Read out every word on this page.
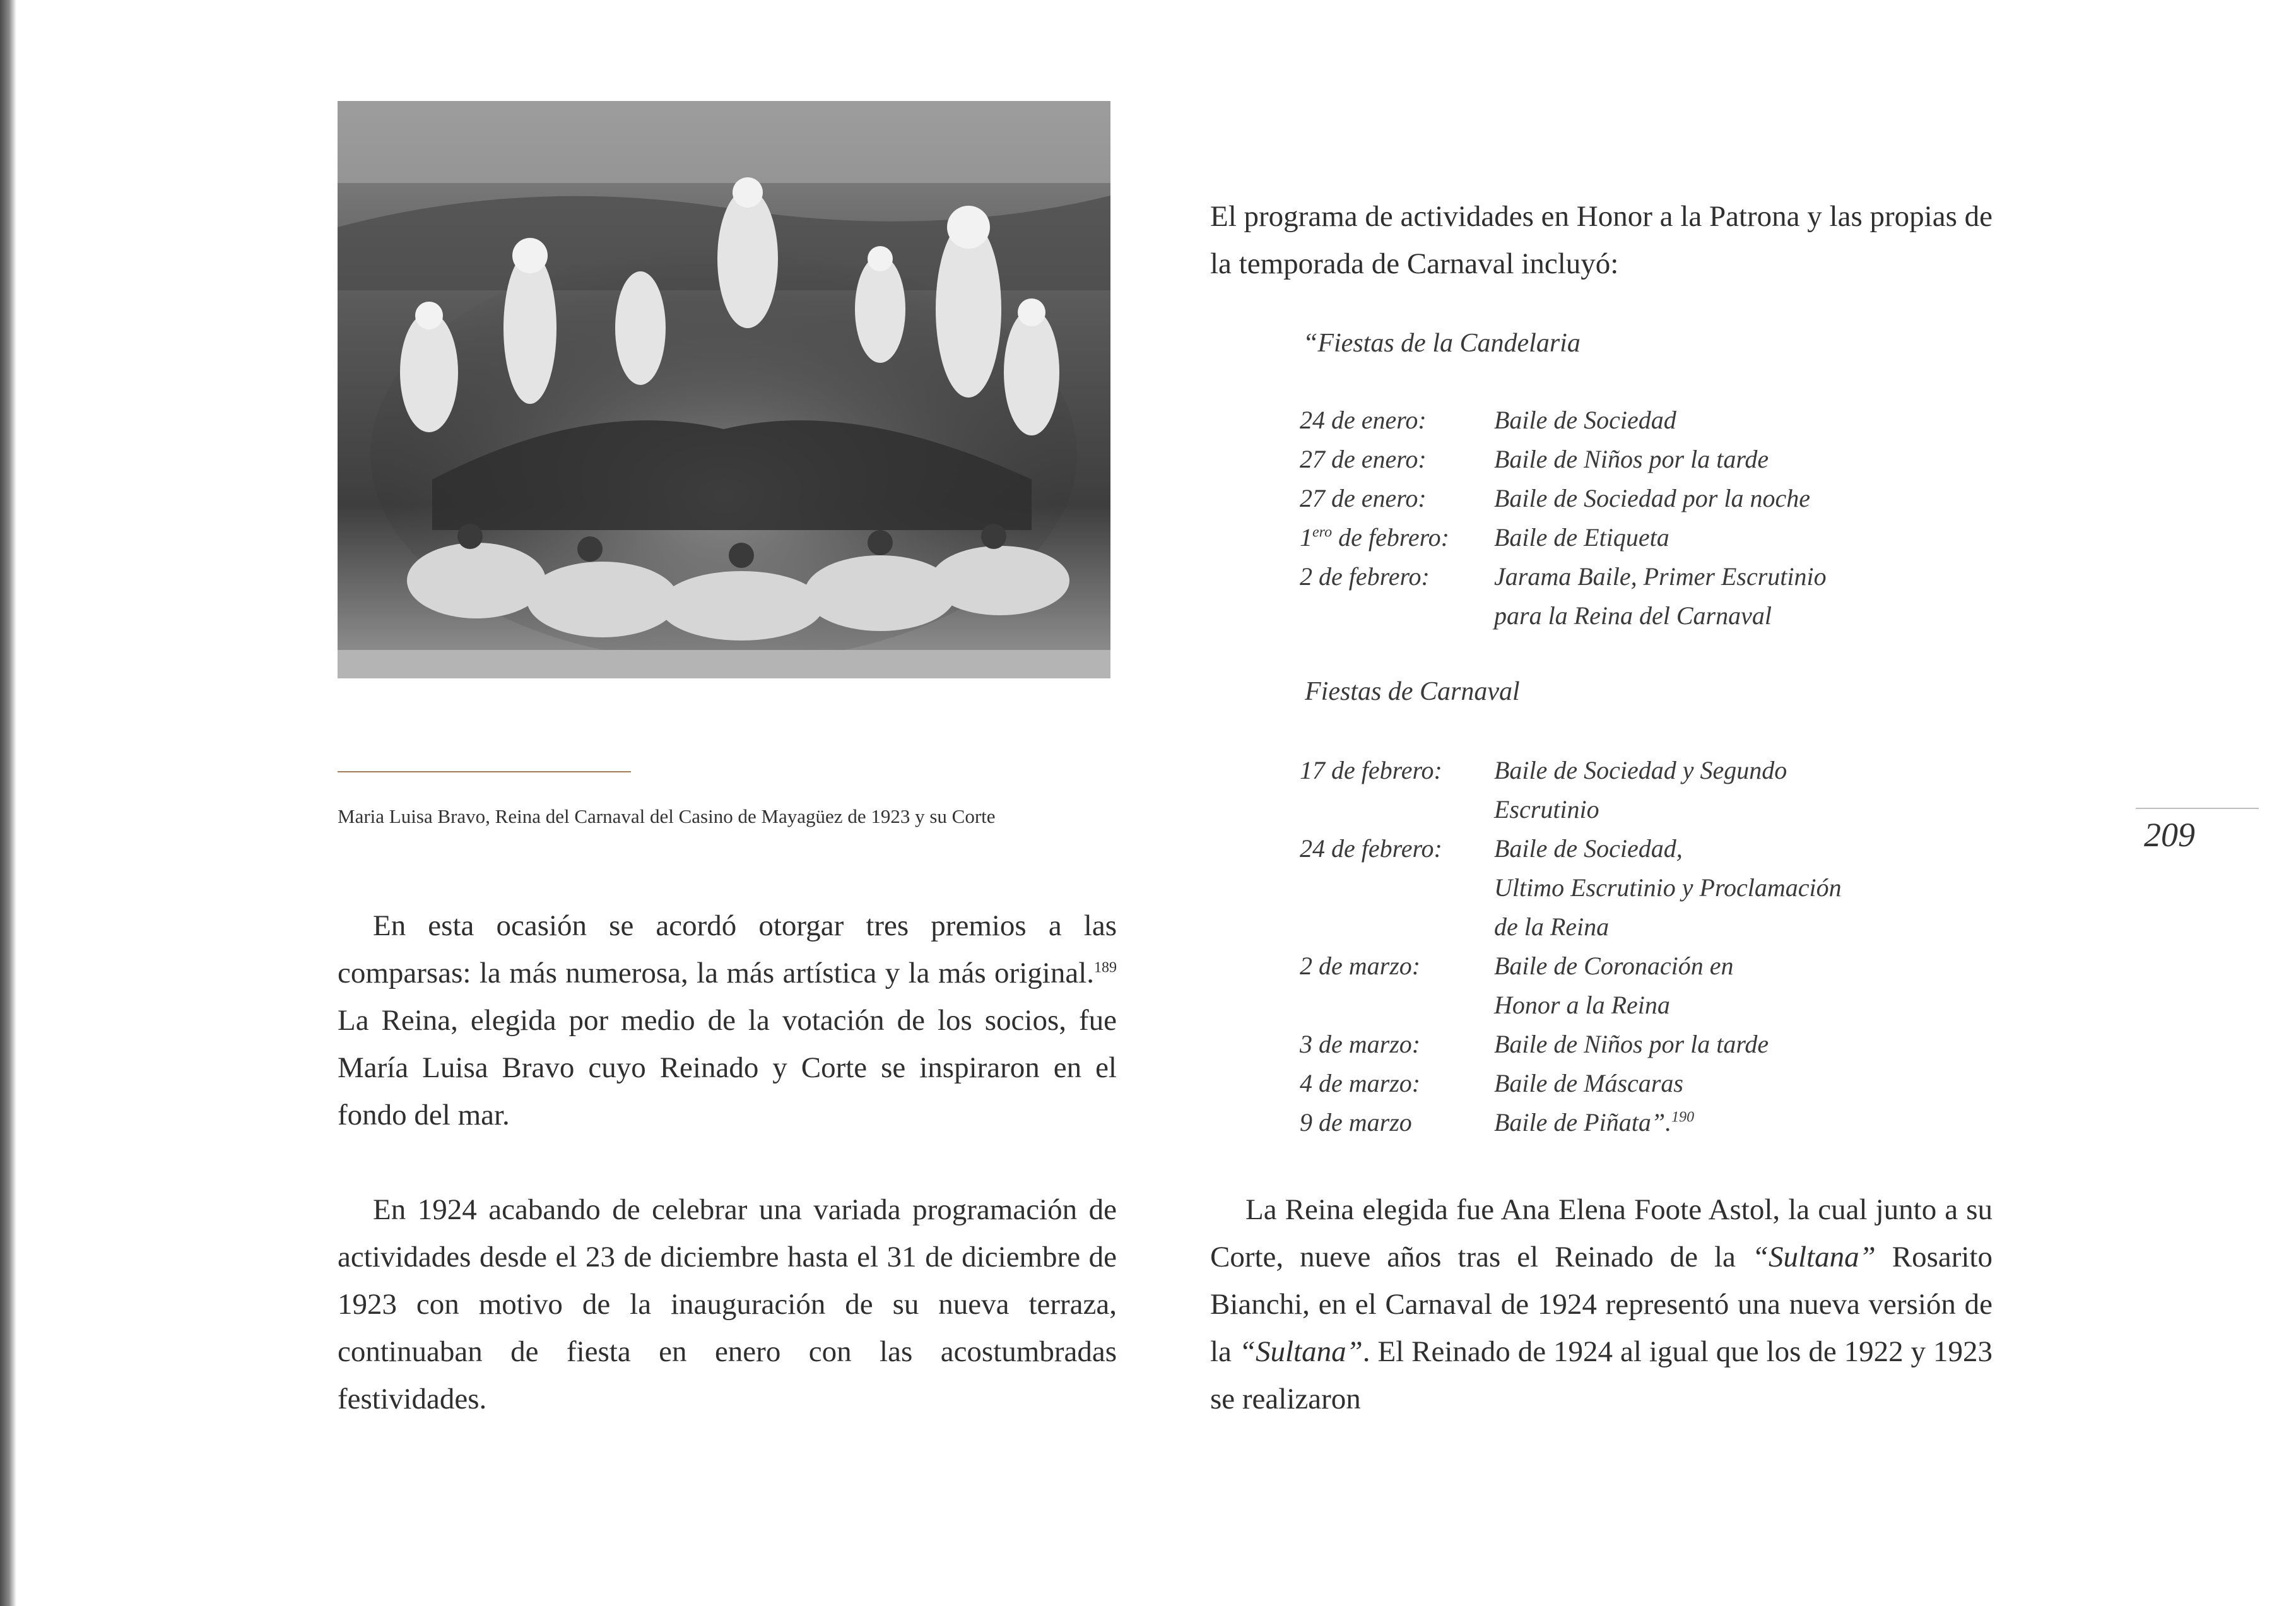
Maria Luisa Bravo, Reina del Carnaval del Casino de Mayagüez de 1923 y su Corte

En esta ocasión se acordó otorgar tres premios a las comparsas: la más numerosa, la más artística y la más original.$^{189}$ La Reina, elegida por medio de la votación de los socios, fue María Luisa Bravo cuyo Reinado y Corte se inspiraron en el fondo del mar.

En 1924 acabando de celebrar una variada programación de actividades desde el 23 de diciembre hasta el 31 de diciembre de 1923 con motivo de la inauguración de su nueva terraza, continuaban de fiesta en enero con las acostumbradas festividades.

El programa de actividades en Honor a la Patrona y las propias de la temporada de Carnaval incluyó:

“Fiestas de la Candelaria
24 de enero:	Baile de Sociedad
27 de enero:	Baile de Niños por la tarde
27 de enero:	Baile de Sociedad por la noche
$1^{ero}$ de febrero:	Baile de Etiqueta
2 de febrero:	Jarama Baile, Primer Escrutinio
para la Reina del Carnaval
Fiestas de Carnaval
17 de febrero:	Baile de Sociedad y Segundo
Escrutinio
24 de febrero:	Baile de Sociedad,
Ultimo Escrutinio y Proclamación
de la Reina
2 de marzo:	Baile de Coronación en
Honor a la Reina
3 de marzo:	Baile de Niños por la tarde
4 de marzo:	Baile de Máscaras
9 de marzo	Baile de Piñata”.$^{190}$

La Reina elegida fue Ana Elena Foote Astol, la cual junto a su Corte, nueve años tras el Reinado de la “Sultana” Rosarito Bianchi, en el Carnaval de 1924 representó una nueva versión de la “Sultana”. El Reinado de 1924 al igual que los de 1922 y 1923 se realizaron

209
